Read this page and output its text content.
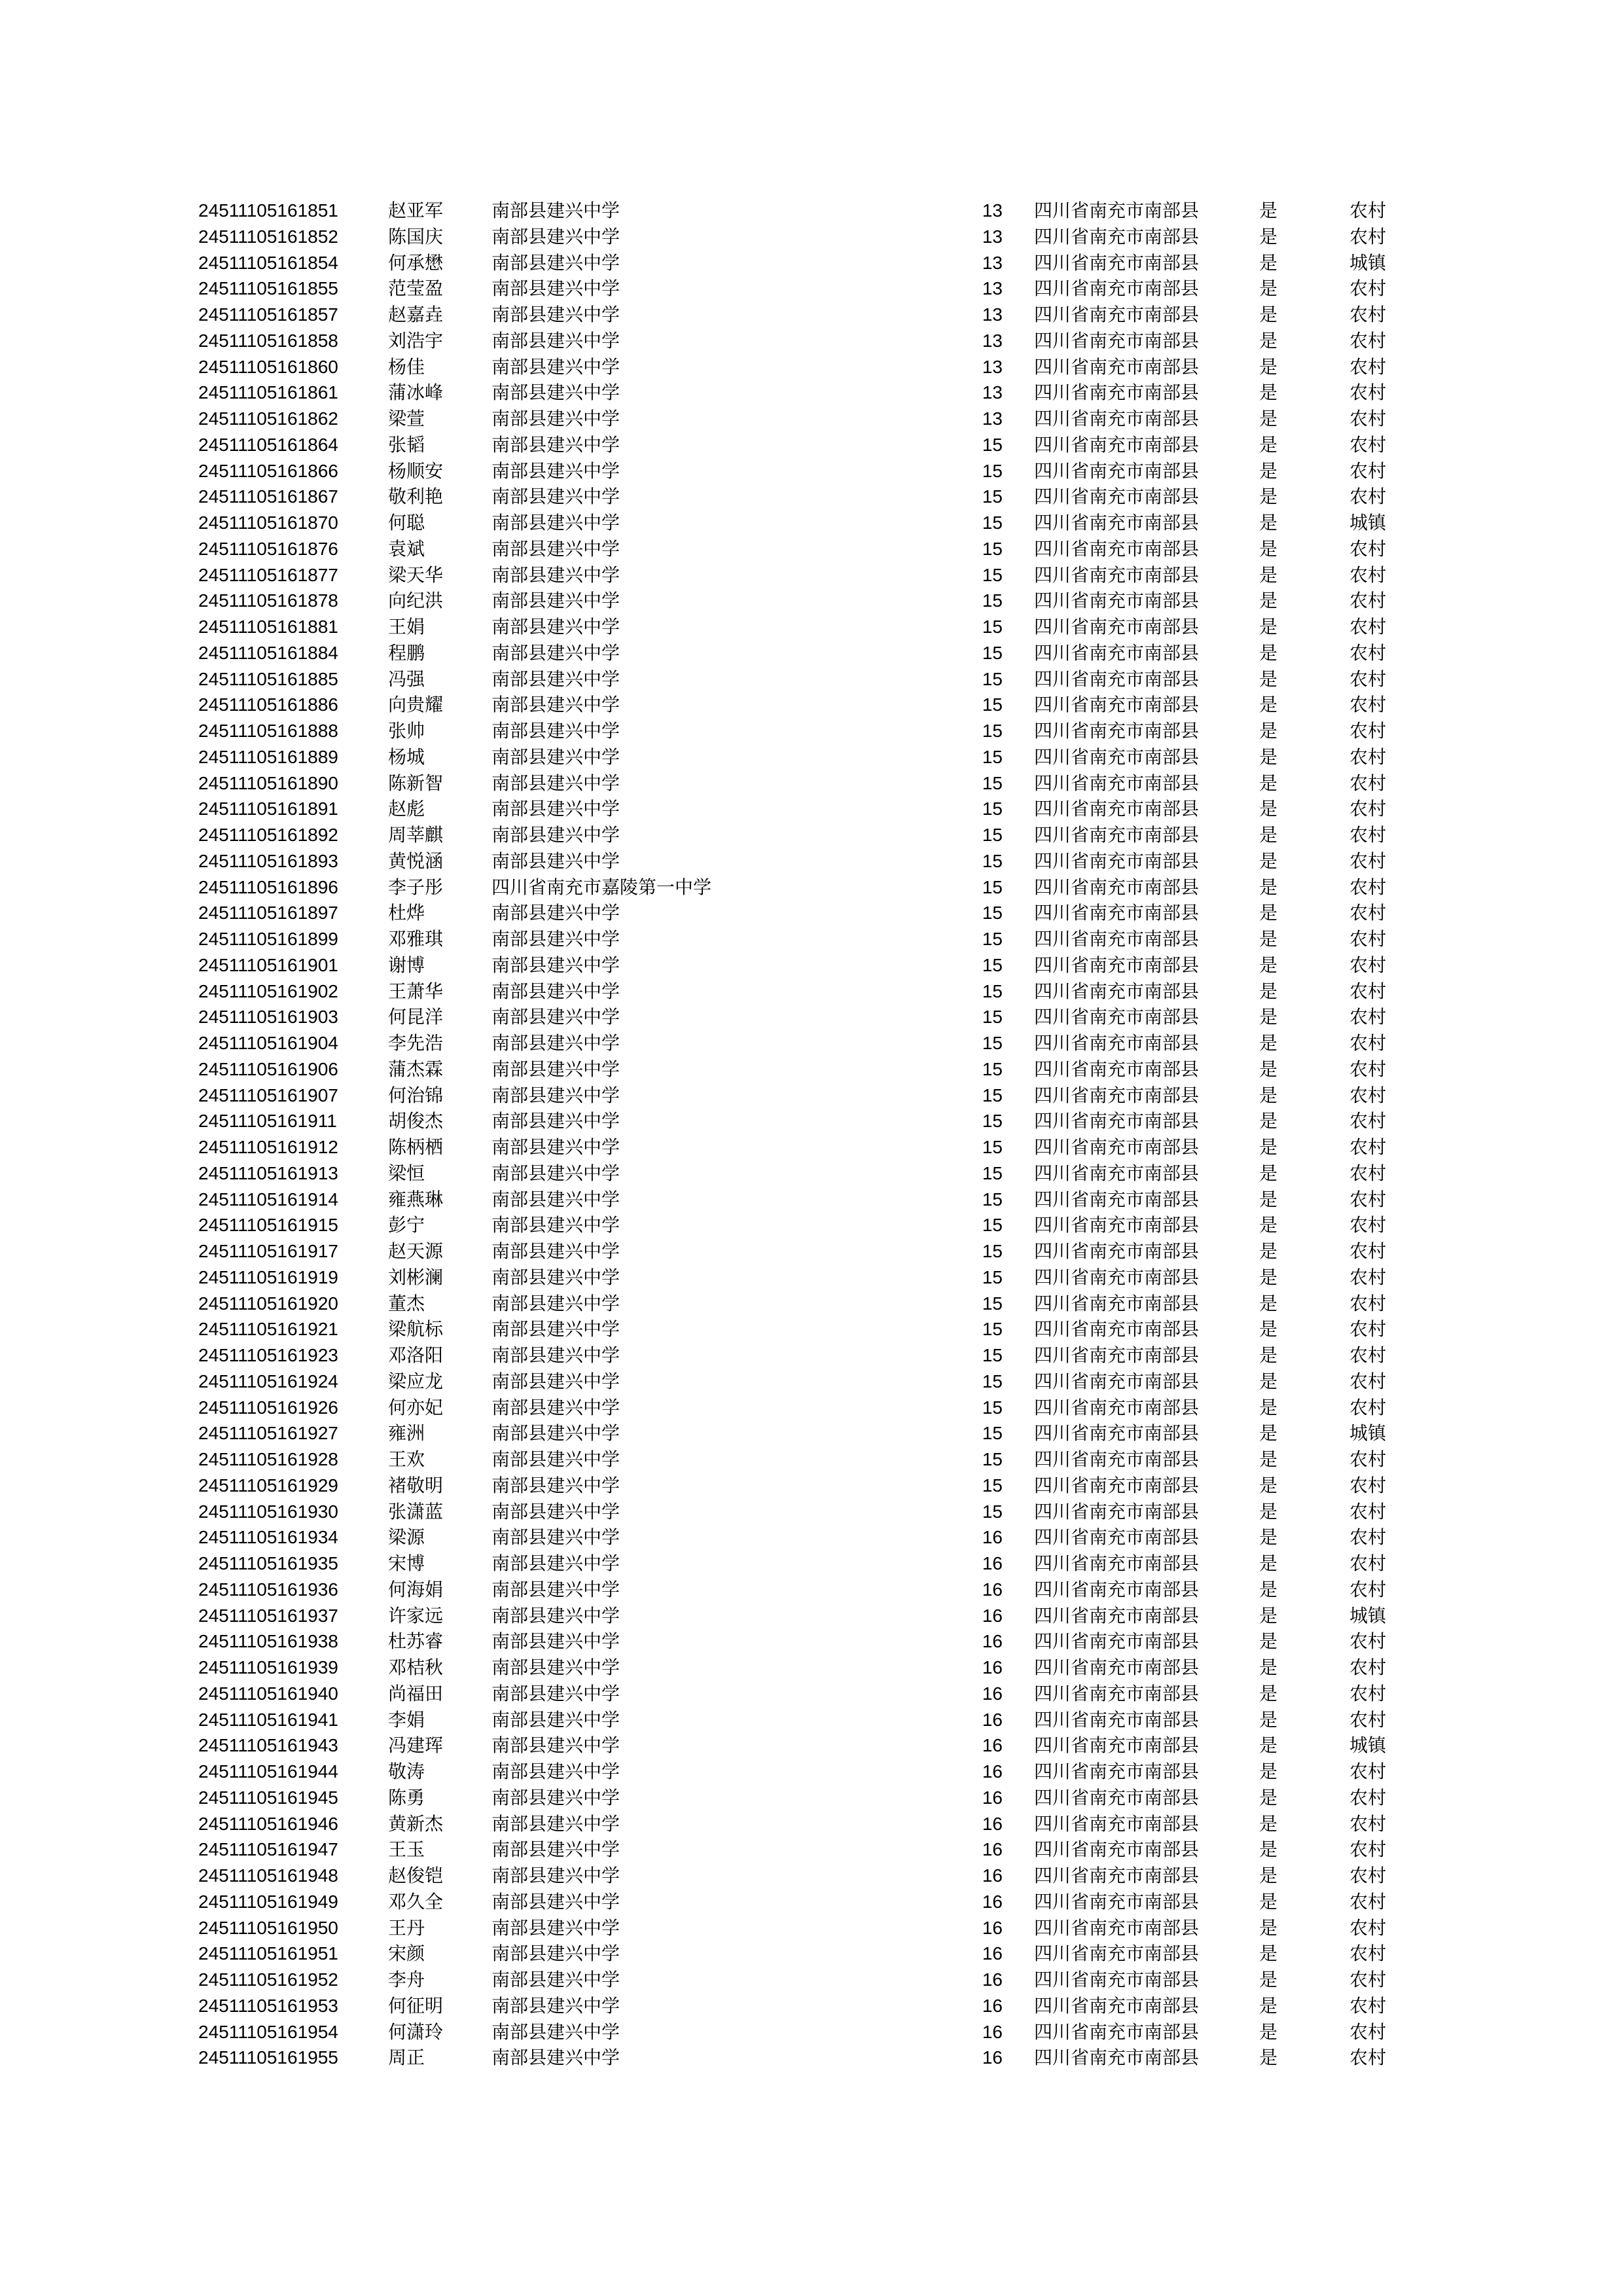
24511105161851	赵亚军	南部县建兴中学	13 四川省南充市南部县	是	农村
24511105161852	陈国庆	南部县建兴中学	13 四川省南充市南部县	是	农村
24511105161854	何承懋	南部县建兴中学	13 四川省南充市南部县	是	城镇
24511105161855	范莹盈	南部县建兴中学	13 四川省南充市南部县	是	农村
24511105161857	赵嘉垚	南部县建兴中学	13 四川省南充市南部县	是	农村
24511105161858	刘浩宇	南部县建兴中学	13 四川省南充市南部县	是	农村
24511105161860	杨佳	南部县建兴中学	13 四川省南充市南部县	是	农村
24511105161861	蒲冰峰	南部县建兴中学	13 四川省南充市南部县	是	农村
24511105161862	梁萱	南部县建兴中学	13 四川省南充市南部县	是	农村
24511105161864	张韬	南部县建兴中学	15 四川省南充市南部县	是	农村
24511105161866	杨顺安	南部县建兴中学	15 四川省南充市南部县	是	农村
24511105161867	敬利艳	南部县建兴中学	15 四川省南充市南部县	是	农村
24511105161870	何聪	南部县建兴中学	15 四川省南充市南部县	是	城镇
24511105161876	袁斌	南部县建兴中学	15 四川省南充市南部县	是	农村
24511105161877	梁天华	南部县建兴中学	15 四川省南充市南部县	是	农村
24511105161878	向纪洪	南部县建兴中学	15 四川省南充市南部县	是	农村
24511105161881	王娟	南部县建兴中学	15 四川省南充市南部县	是	农村
24511105161884	程鹏	南部县建兴中学	15 四川省南充市南部县	是	农村
24511105161885	冯强	南部县建兴中学	15 四川省南充市南部县	是	农村
24511105161886	向贵耀	南部县建兴中学	15 四川省南充市南部县	是	农村
24511105161888	张帅	南部县建兴中学	15 四川省南充市南部县	是	农村
24511105161889	杨城	南部县建兴中学	15 四川省南充市南部县	是	农村
24511105161890	陈新智	南部县建兴中学	15 四川省南充市南部县	是	农村
24511105161891	赵彪	南部县建兴中学	15 四川省南充市南部县	是	农村
24511105161892	周莘麒	南部县建兴中学	15 四川省南充市南部县	是	农村
24511105161893	黄悦涵	南部县建兴中学	15 四川省南充市南部县	是	农村
24511105161896	李子彤	四川省南充市嘉陵第一中学	15 四川省南充市南部县	是	农村
24511105161897	杜烨	南部县建兴中学	15 四川省南充市南部县	是	农村
24511105161899	邓雅琪	南部县建兴中学	15 四川省南充市南部县	是	农村
24511105161901	谢博	南部县建兴中学	15 四川省南充市南部县	是	农村
24511105161902	王萧华	南部县建兴中学	15 四川省南充市南部县	是	农村
24511105161903	何昆洋	南部县建兴中学	15 四川省南充市南部县	是	农村
24511105161904	李先浩	南部县建兴中学	15 四川省南充市南部县	是	农村
24511105161906	蒲杰霖	南部县建兴中学	15 四川省南充市南部县	是	农村
24511105161907	何治锦	南部县建兴中学	15 四川省南充市南部县	是	农村
24511105161911	胡俊杰	南部县建兴中学	15 四川省南充市南部县	是	农村
24511105161912	陈柄栖	南部县建兴中学	15 四川省南充市南部县	是	农村
24511105161913	梁恒	南部县建兴中学	15 四川省南充市南部县	是	农村
24511105161914	雍燕琳	南部县建兴中学	15 四川省南充市南部县	是	农村
24511105161915	彭宁	南部县建兴中学	15 四川省南充市南部县	是	农村
24511105161917	赵天源	南部县建兴中学	15 四川省南充市南部县	是	农村
24511105161919	刘彬澜	南部县建兴中学	15 四川省南充市南部县	是	农村
24511105161920	董杰	南部县建兴中学	15 四川省南充市南部县	是	农村
24511105161921	梁航标	南部县建兴中学	15 四川省南充市南部县	是	农村
24511105161923	邓洛阳	南部县建兴中学	15 四川省南充市南部县	是	农村
24511105161924	梁应龙	南部县建兴中学	15 四川省南充市南部县	是	农村
24511105161926	何亦妃	南部县建兴中学	15 四川省南充市南部县	是	农村
24511105161927	雍洲	南部县建兴中学	15 四川省南充市南部县	是	城镇
24511105161928	王欢	南部县建兴中学	15 四川省南充市南部县	是	农村
24511105161929	褚敬明	南部县建兴中学	15 四川省南充市南部县	是	农村
24511105161930	张潇蓝	南部县建兴中学	15 四川省南充市南部县	是	农村
24511105161934	梁源	南部县建兴中学	16 四川省南充市南部县	是	农村
24511105161935	宋博	南部县建兴中学	16 四川省南充市南部县	是	农村
24511105161936	何海娟	南部县建兴中学	16 四川省南充市南部县	是	农村
24511105161937	许家远	南部县建兴中学	16 四川省南充市南部县	是	城镇
24511105161938	杜苏睿	南部县建兴中学	16 四川省南充市南部县	是	农村
24511105161939	邓桔秋	南部县建兴中学	16 四川省南充市南部县	是	农村
24511105161940	尚福田	南部县建兴中学	16 四川省南充市南部县	是	农村
24511105161941	李娟	南部县建兴中学	16 四川省南充市南部县	是	农村
24511105161943	冯建珲	南部县建兴中学	16 四川省南充市南部县	是	城镇
24511105161944	敬涛	南部县建兴中学	16 四川省南充市南部县	是	农村
24511105161945	陈勇	南部县建兴中学	16 四川省南充市南部县	是	农村
24511105161946	黄新杰	南部县建兴中学	16 四川省南充市南部县	是	农村
24511105161947	王玉	南部县建兴中学	16 四川省南充市南部县	是	农村
24511105161948	赵俊铠	南部县建兴中学	16 四川省南充市南部县	是	农村
24511105161949	邓久全	南部县建兴中学	16 四川省南充市南部县	是	农村
24511105161950	王丹	南部县建兴中学	16 四川省南充市南部县	是	农村
24511105161951	宋颜	南部县建兴中学	16 四川省南充市南部县	是	农村
24511105161952	李舟	南部县建兴中学	16 四川省南充市南部县	是	农村
24511105161953	何征明	南部县建兴中学	16 四川省南充市南部县	是	农村
24511105161954	何潇玲	南部县建兴中学	16 四川省南充市南部县	是	农村
24511105161955	周正	南部县建兴中学	16 四川省南充市南部县	是	农村
